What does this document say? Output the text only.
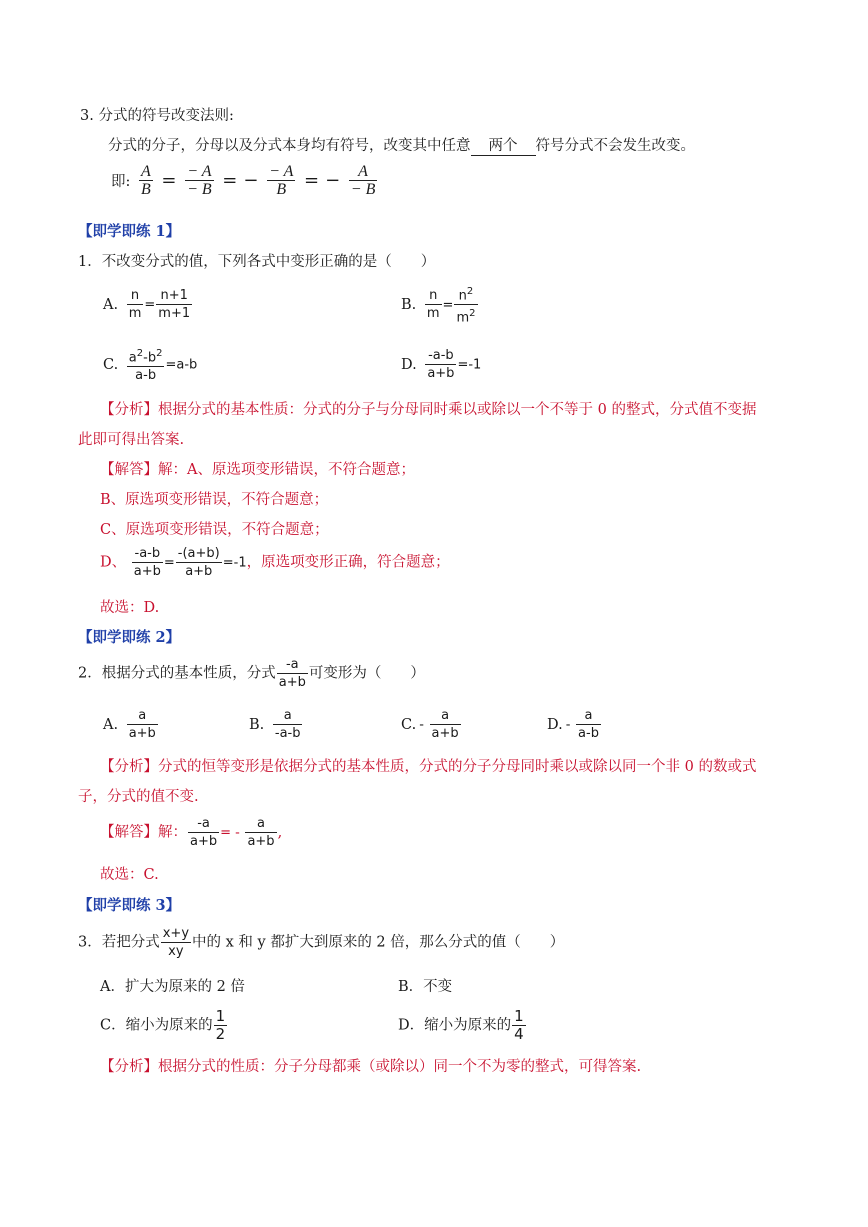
3. 分式的符号改变法则:
分式的分子，分母以及分式本身均有符号，改变其中任意 两个 符号分式不会发生改变。
即: $\frac{A}{B} = \frac{- A}{- B}$ = − $\frac{- A}{B}$ = − $\frac{A}{- B}$
【即学即练 1】
1．不改变分式的值，下列各式中变形正确的是（　　）
A. $\frac{n}{m} = \frac{n+1}{m+1}$	B. $\frac{n}{m} = \frac{n^2}{m^2}$
C. $\frac{a^2-b^2}{a-b} =a-b$	D. $\frac{-a-b}{a+b} =-1$
【分析】根据分式的基本性质：分式的分子与分母同时乘以或除以一个不等于 0 的整式，分式值不变据
此即可得出答案.
【解答】解：A、原选项变形错误，不符合题意；
B、原选项变形错误，不符合题意；
C、原选项变形错误，不符合题意；
D、 $\frac{-a-b}{a+b} = \frac{-(a+b)}{a+b} =-1$，原选项变形正确，符合题意；
故选：D.
【即学即练 2】
2．根据分式的基本性质，分式 $\frac{-a}{a+b}$ 可变形为（　　）
A. $\frac{a}{a+b}$	B. $\frac{a}{-a-b}$	C. - $\frac{a}{a+b}$	D. - $\frac{a}{a-b}$
【分析】分式的恒等变形是依据分式的基本性质，分式的分子分母同时乘以或除以同一个非 0 的数或式
子，分式的值不变.
【解答】解： $\frac{-a}{a+b}$ = - $\frac{a}{a+b}$ ,
故选：C.
【即学即练 3】
3．若把分式 $\frac{x+y}{xy}$ 中的 x 和 y 都扩大到原来的 2 倍，那么分式的值（　　）
A．扩大为原来的 2 倍	B．不变
C．缩小为原来的 $\frac{1}{2}$	D．缩小为原来的 $\frac{1}{4}$
【分析】根据分式的性质：分子分母都乘（或除以）同一个不为零的整式，可得答案.
